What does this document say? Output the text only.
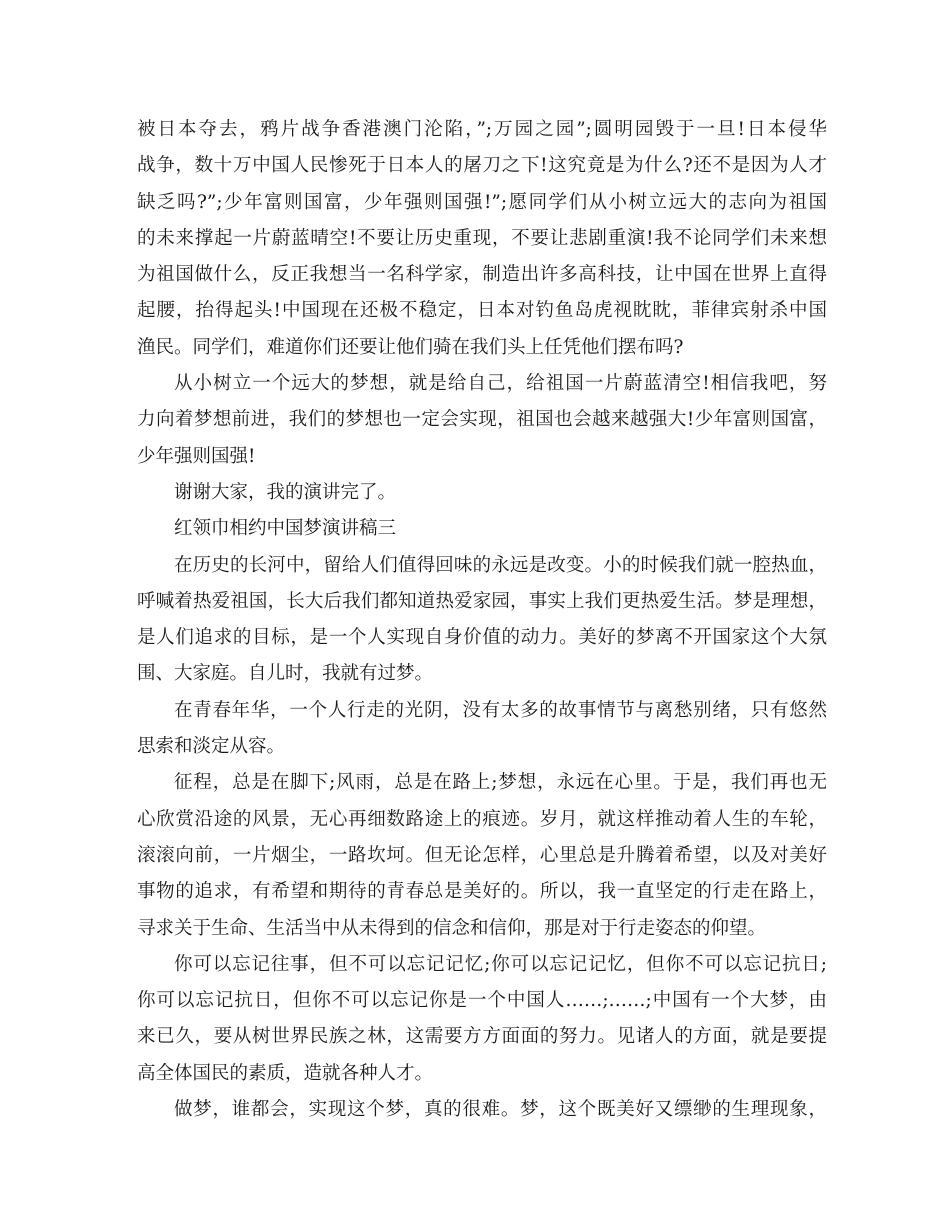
被日本夺去，鸦片战争香港澳门沦陷，”;万园之园”;圆明园毁于一旦!日本侵华
战争，数十万中国人民惨死于日本人的屠刀之下!这究竟是为什么?还不是因为人才
缺乏吗?”;少年富则国富，少年强则国强!”;愿同学们从小树立远大的志向为祖国
的未来撑起一片蔚蓝晴空!不要让历史重现，不要让悲剧重演!我不论同学们未来想
为祖国做什么，反正我想当一名科学家，制造出许多高科技，让中国在世界上直得
起腰，抬得起头!中国现在还极不稳定，日本对钓鱼岛虎视眈眈，菲律宾射杀中国
渔民。同学们，难道你们还要让他们骑在我们头上任凭他们摆布吗?
从小树立一个远大的梦想，就是给自己，给祖国一片蔚蓝清空!相信我吧，努
力向着梦想前进，我们的梦想也一定会实现，祖国也会越来越强大!少年富则国富，
少年强则国强!
谢谢大家，我的演讲完了。
红领巾相约中国梦演讲稿三
在历史的长河中，留给人们值得回味的永远是改变。小的时候我们就一腔热血，
呼喊着热爱祖国，长大后我们都知道热爱家园，事实上我们更热爱生活。梦是理想，
是人们追求的目标，是一个人实现自身价值的动力。美好的梦离不开国家这个大氛
围、大家庭。自儿时，我就有过梦。
在青春年华，一个人行走的光阴，没有太多的故事情节与离愁别绪，只有悠然
思索和淡定从容。
征程，总是在脚下;风雨，总是在路上;梦想，永远在心里。于是，我们再也无
心欣赏沿途的风景，无心再细数路途上的痕迹。岁月，就这样推动着人生的车轮，
滚滚向前，一片烟尘，一路坎坷。但无论怎样，心里总是升腾着希望，以及对美好
事物的追求，有希望和期待的青春总是美好的。所以，我一直坚定的行走在路上，
寻求关于生命、生活当中从未得到的信念和信仰，那是对于行走姿态的仰望。
你可以忘记往事，但不可以忘记记忆;你可以忘记记忆，但你不可以忘记抗日;
你可以忘记抗日，但你不可以忘记你是一个中国人……;……;中国有一个大梦，由
来已久，要从树世界民族之林，这需要方方面面的努力。见诸人的方面，就是要提
高全体国民的素质，造就各种人才。
做梦，谁都会，实现这个梦，真的很难。梦，这个既美好又缥缈的生理现象，
